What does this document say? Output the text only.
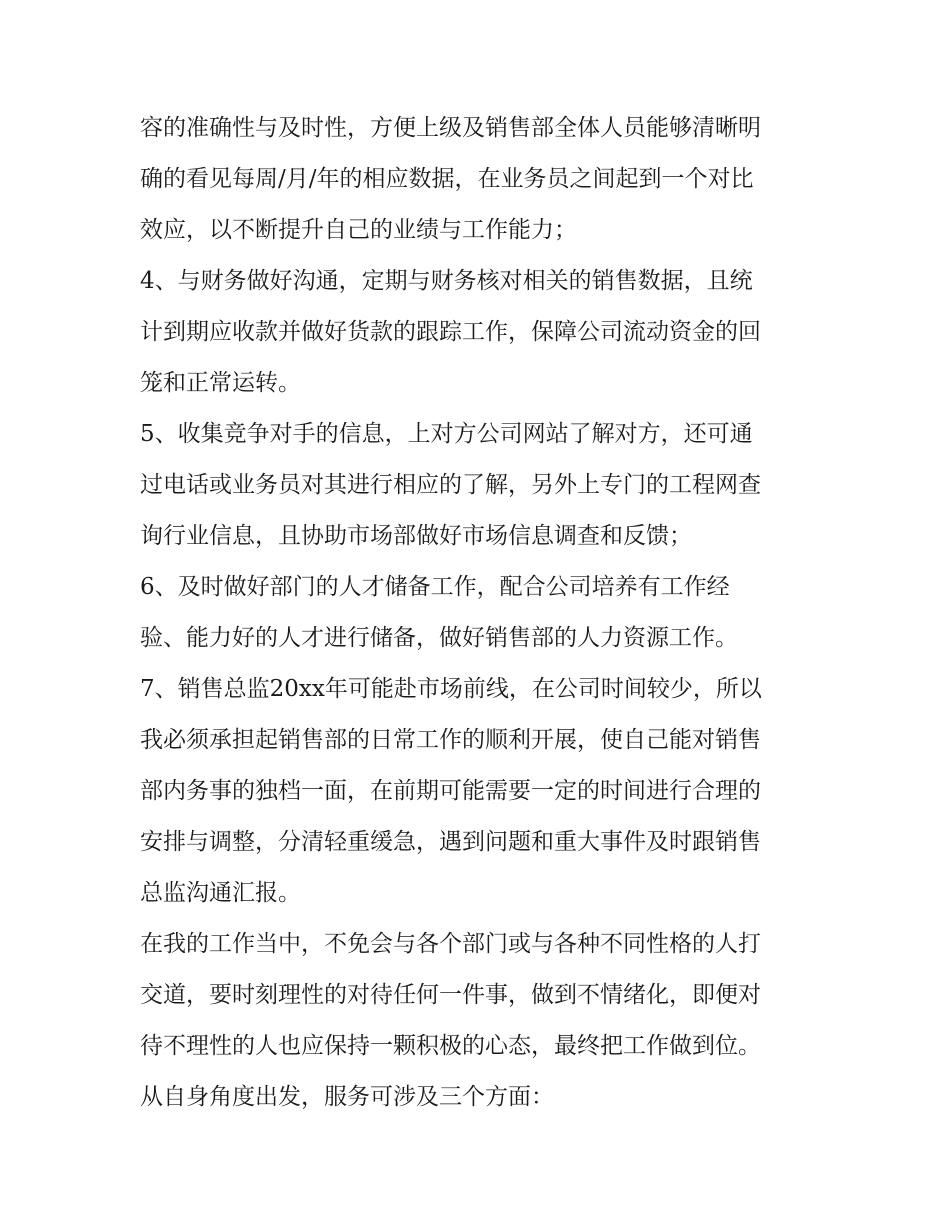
容的准确性与及时性，方便上级及销售部全体人员能够清晰明
确的看见每周/月/年的相应数据，在业务员之间起到一个对比
效应，以不断提升自己的业绩与工作能力；
4、与财务做好沟通，定期与财务核对相关的销售数据，且统
计到期应收款并做好货款的跟踪工作，保障公司流动资金的回
笼和正常运转。
5、收集竞争对手的信息，上对方公司网站了解对方，还可通
过电话或业务员对其进行相应的了解，另外上专门的工程网查
询行业信息，且协助市场部做好市场信息调查和反馈；
6、及时做好部门的人才储备工作，配合公司培养有工作经
验、能力好的人才进行储备，做好销售部的人力资源工作。
7、销售总监20xx年可能赴市场前线，在公司时间较少，所以
我必须承担起销售部的日常工作的顺利开展，使自己能对销售
部内务事的独档一面，在前期可能需要一定的时间进行合理的
安排与调整，分清轻重缓急，遇到问题和重大事件及时跟销售
总监沟通汇报。
在我的工作当中，不免会与各个部门或与各种不同性格的人打
交道，要时刻理性的对待任何一件事，做到不情绪化，即便对
待不理性的人也应保持一颗积极的心态，最终把工作做到位。
从自身角度出发，服务可涉及三个方面：
